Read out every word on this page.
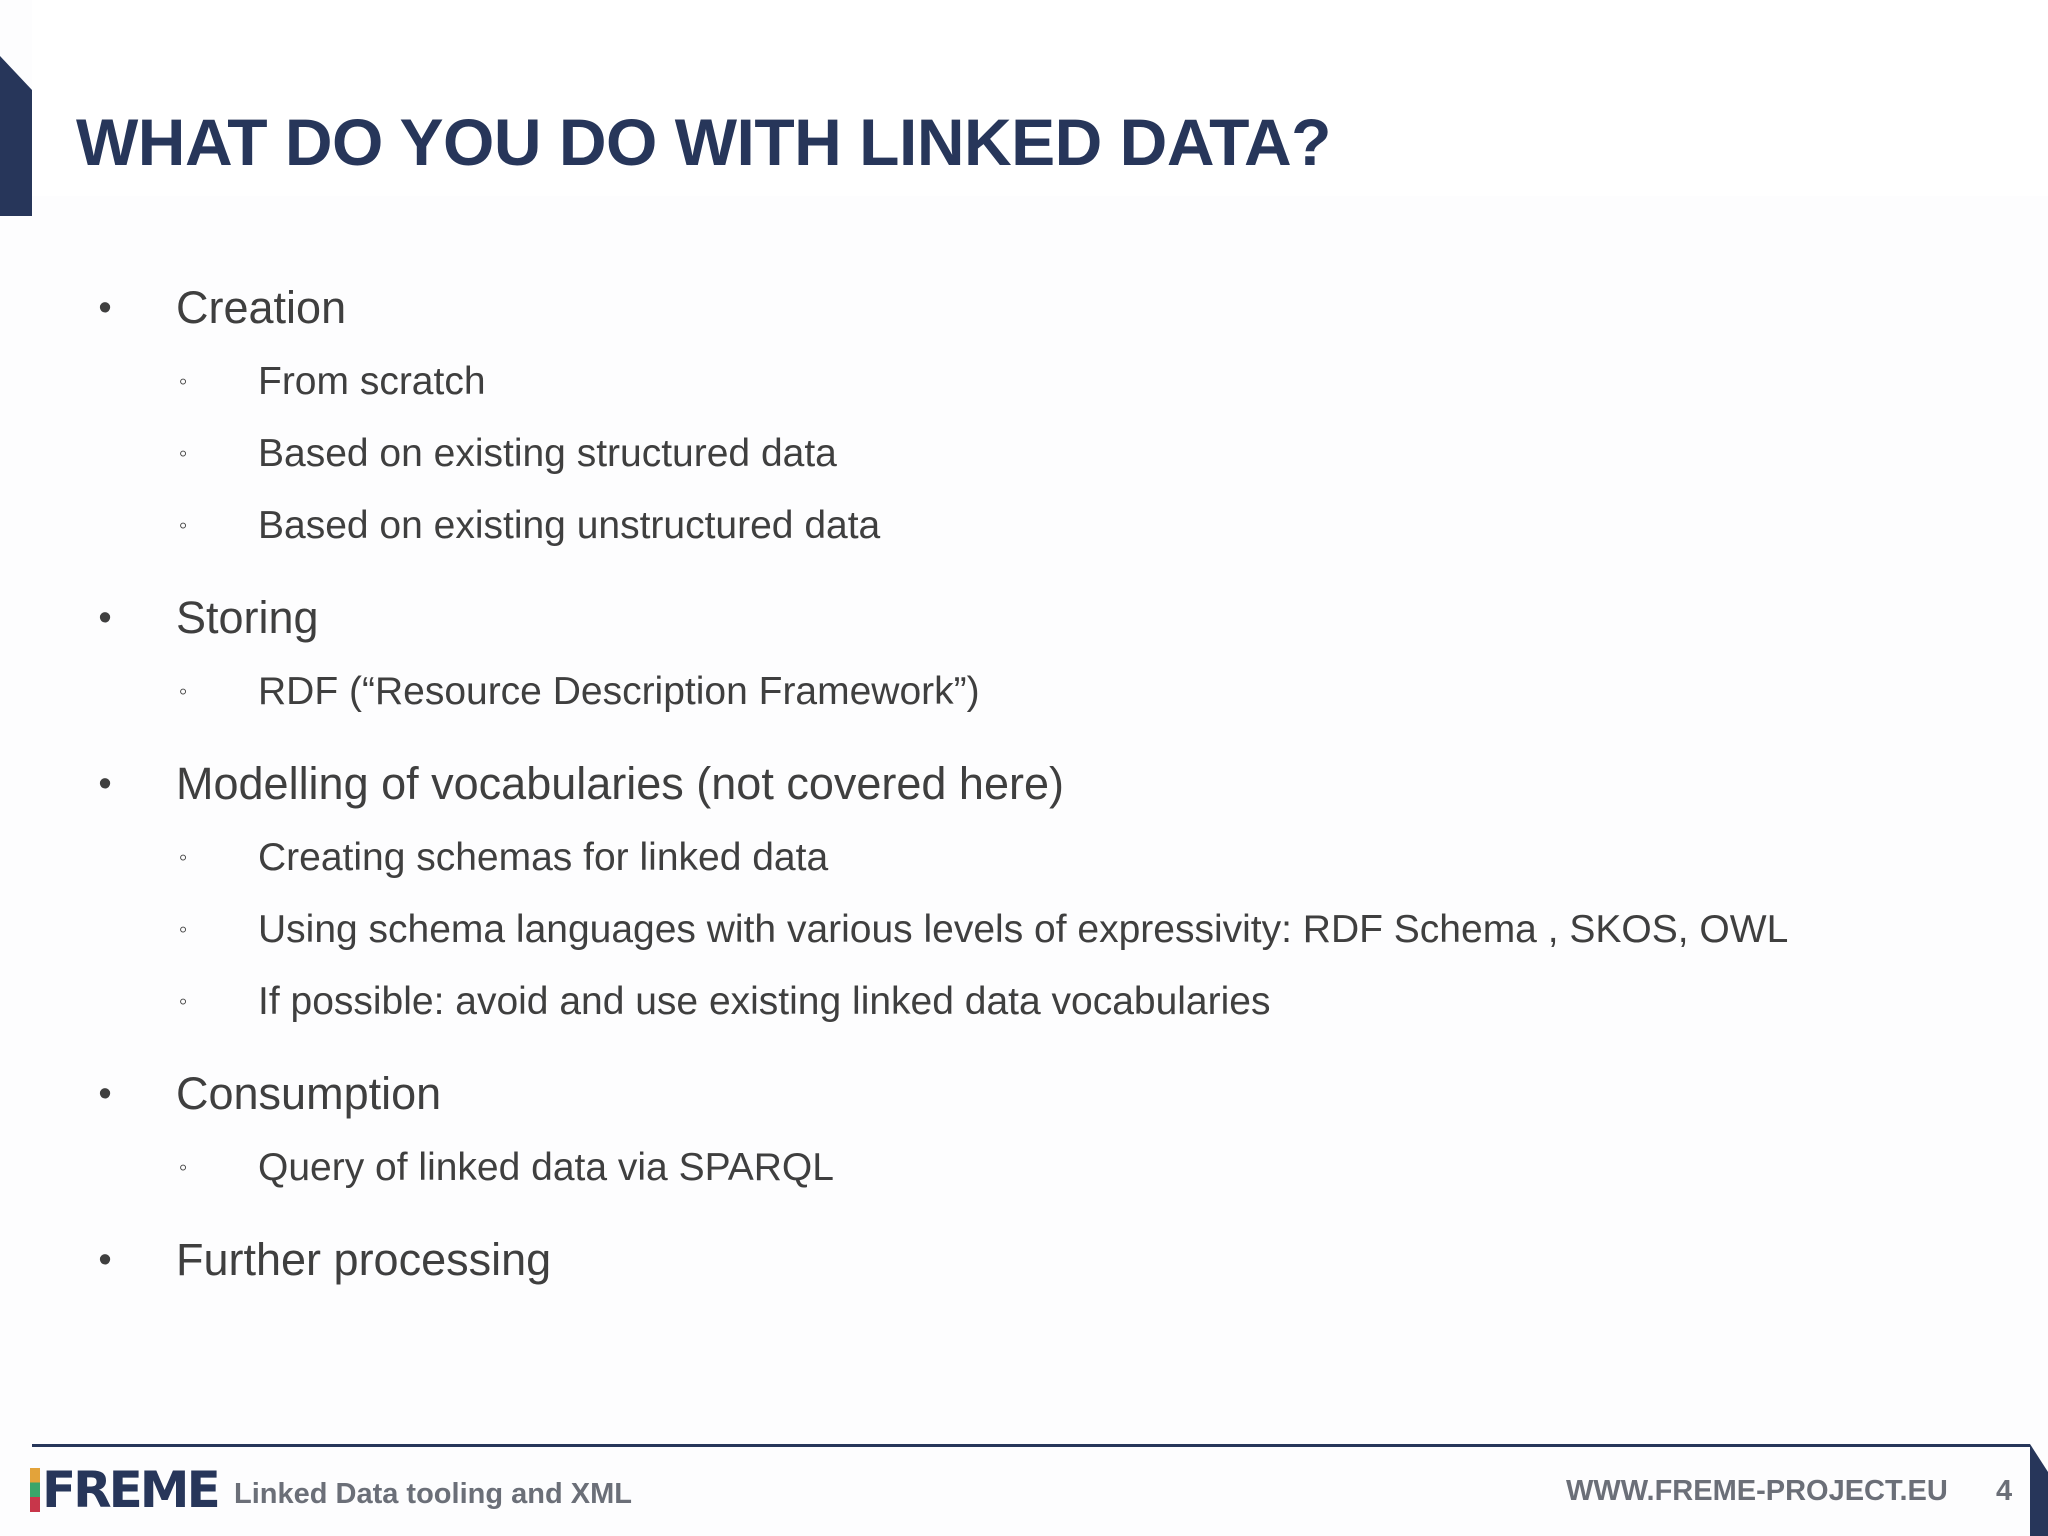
WHAT DO YOU DO WITH LINKED DATA?
• Creation
◦ From scratch
◦ Based on existing structured data
◦ Based on existing unstructured data
• Storing
◦ RDF (“Resource Description Framework”)
• Modelling of vocabularies (not covered here)
◦ Creating schemas for linked data
◦ Using schema languages with various levels of expressivity: RDF Schema , SKOS, OWL
◦ If possible: avoid and use existing linked data vocabularies
• Consumption
◦ Query of linked data via SPARQL
• Further processing
FREME Linked Data tooling and XML	WWW.FREME-PROJECT.EU 4
